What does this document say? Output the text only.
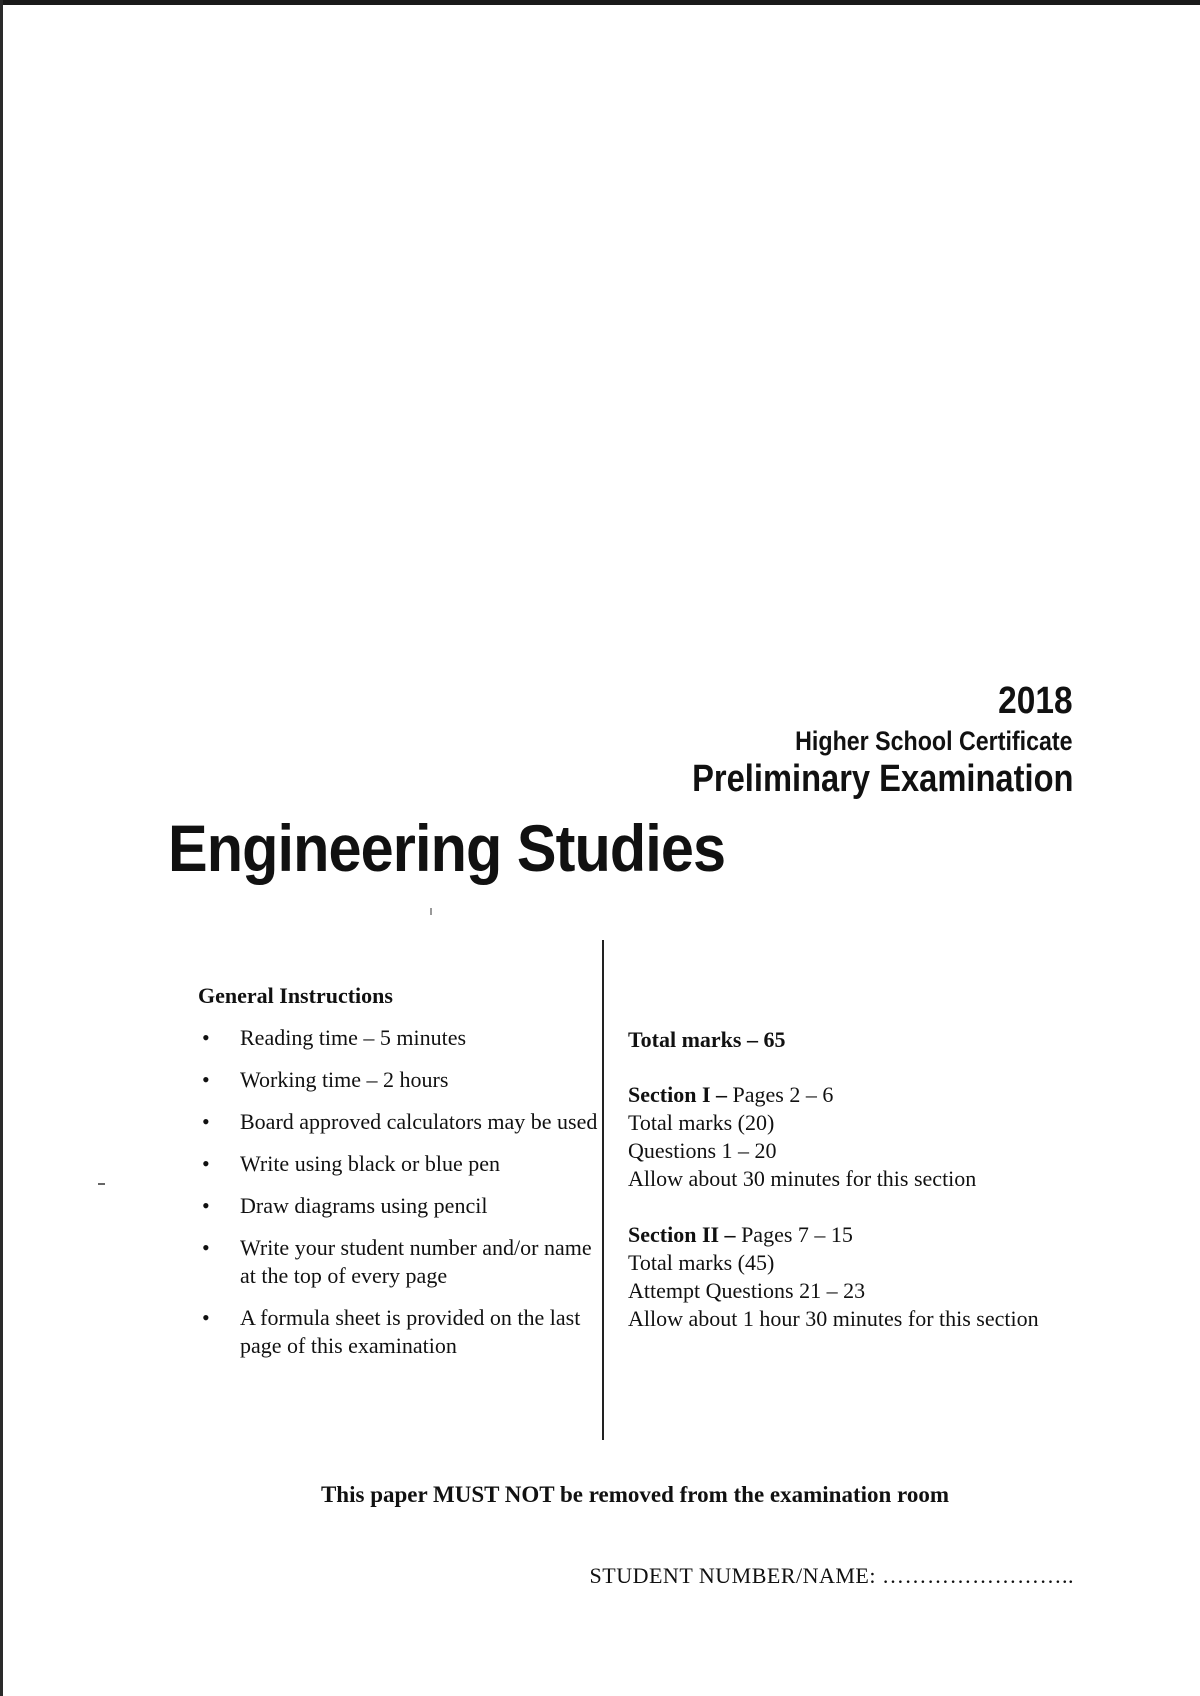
2018
Higher School Certificate
Preliminary Examination
Engineering Studies
General Instructions
• Reading time – 5 minutes
• Working time – 2 hours
• Board approved calculators may be used
• Write using black or blue pen
• Draw diagrams using pencil
• Write your student number and/or name at the top of every page
• A formula sheet is provided on the last page of this examination
Total marks – 65
Section I – Pages 2 – 6
Total marks (20)
Questions 1 – 20
Allow about 30 minutes for this section
Section II – Pages 7 – 15
Total marks (45)
Attempt Questions 21 – 23
Allow about 1 hour 30 minutes for this section
This paper MUST NOT be removed from the examination room
STUDENT NUMBER/NAME: ……………………..
